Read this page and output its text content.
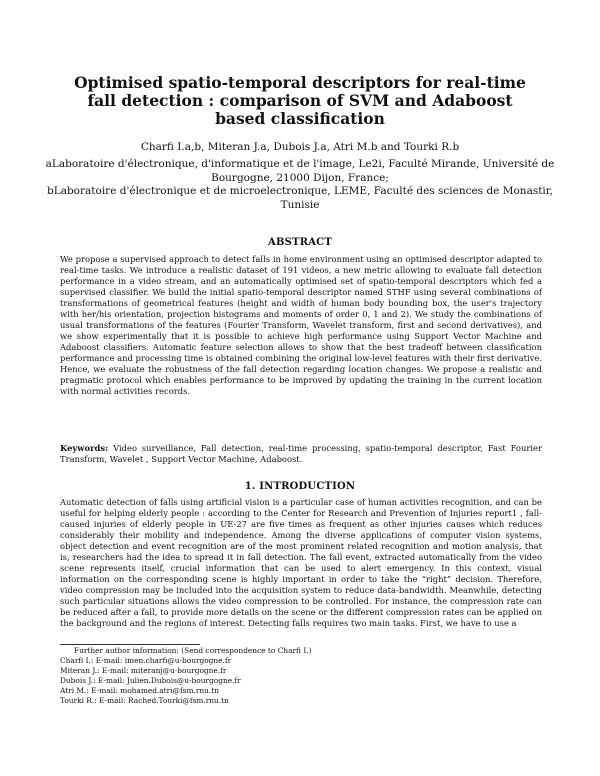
Optimised spatio-temporal descriptors for real-time fall detection : comparison of SVM and Adaboost based classification
Charfi I.a,b, Miteran J.a, Dubois J.a, Atri M.b and Tourki R.b
aLaboratoire d'électronique, d'informatique et de l'image, Le2i, Faculté Mirande, Université de Bourgogne, 21000 Dijon, France;
bLaboratoire d'électronique et de microelectronique, LEME, Faculté des sciences de Monastir, Tunisie
ABSTRACT
We propose a supervised approach to detect falls in home environment using an optimised descriptor adapted to real-time tasks. We introduce a realistic dataset of 191 videos, a new metric allowing to evaluate fall detection performance in a video stream, and an automatically optimised set of spatio-temporal descriptors which fed a supervised classifier. We build the initial spatio-temporal descriptor named STHF using several combinations of transformations of geometrical features (height and width of human body bounding box, the user's trajectory with her/his orientation, projection histograms and moments of order 0, 1 and 2). We study the combinations of usual transformations of the features (Fourier Transform, Wavelet transform, first and second derivatives), and we show experimentally that it is possible to achieve high performance using Support Vector Machine and Adaboost classifiers. Automatic feature selection allows to show that the best tradeoff between classification performance and processing time is obtained combining the original low-level features with their first derivative. Hence, we evaluate the robustness of the fall detection regarding location changes. We propose a realistic and pragmatic protocol which enables performance to be improved by updating the training in the current location with normal activities records.
Keywords: Video surveillance, Fall detection, real-time processing, spatio-temporal descriptor, Fast Fourier Transform, Wavelet , Support Vector Machine, Adaboost.
1. INTRODUCTION
Automatic detection of falls using artificial vision is a particular case of human activities recognition, and can be useful for helping elderly people : according to the Center for Research and Prevention of Injuries report1 , fall-caused injuries of elderly people in UE-27 are five times as frequent as other injuries causes which reduces considerably their mobility and independence. Among the diverse applications of computer vision systems, object detection and event recognition are of the most prominent related recognition and motion analysis, that is, researchers had the idea to spread it in fall detection. The fall event, extracted automatically from the video scene represents itself, crucial information that can be used to alert emergency. In this context, visual information on the corresponding scene is highly important in order to take the “right” decision. Therefore, video compression may be included into the acquisition system to reduce data-bandwidth. Meanwhile, detecting such particular situations allows the video compression to be controlled. For instance, the compression rate can be reduced after a fall, to provide more details on the scene or the different compression rates can be applied on the background and the regions of interest. Detecting falls requires two main tasks. First, we have to use a
Further author information: (Send correspondence to Charfi I.)
Charfi I.: E-mail: imen.charfi@u-bourgogne.fr
Miteran J.: E-mail: miteranj@u-bourgogne.fr
Dubois J.: E-mail: Julien.Dubois@u-bourgogne.fr
Atri M.: E-mail: mohamed.atri@fsm.rnu.tn
Tourki R.: E-mail: Rached.Tourki@fsm.rnu.tn
